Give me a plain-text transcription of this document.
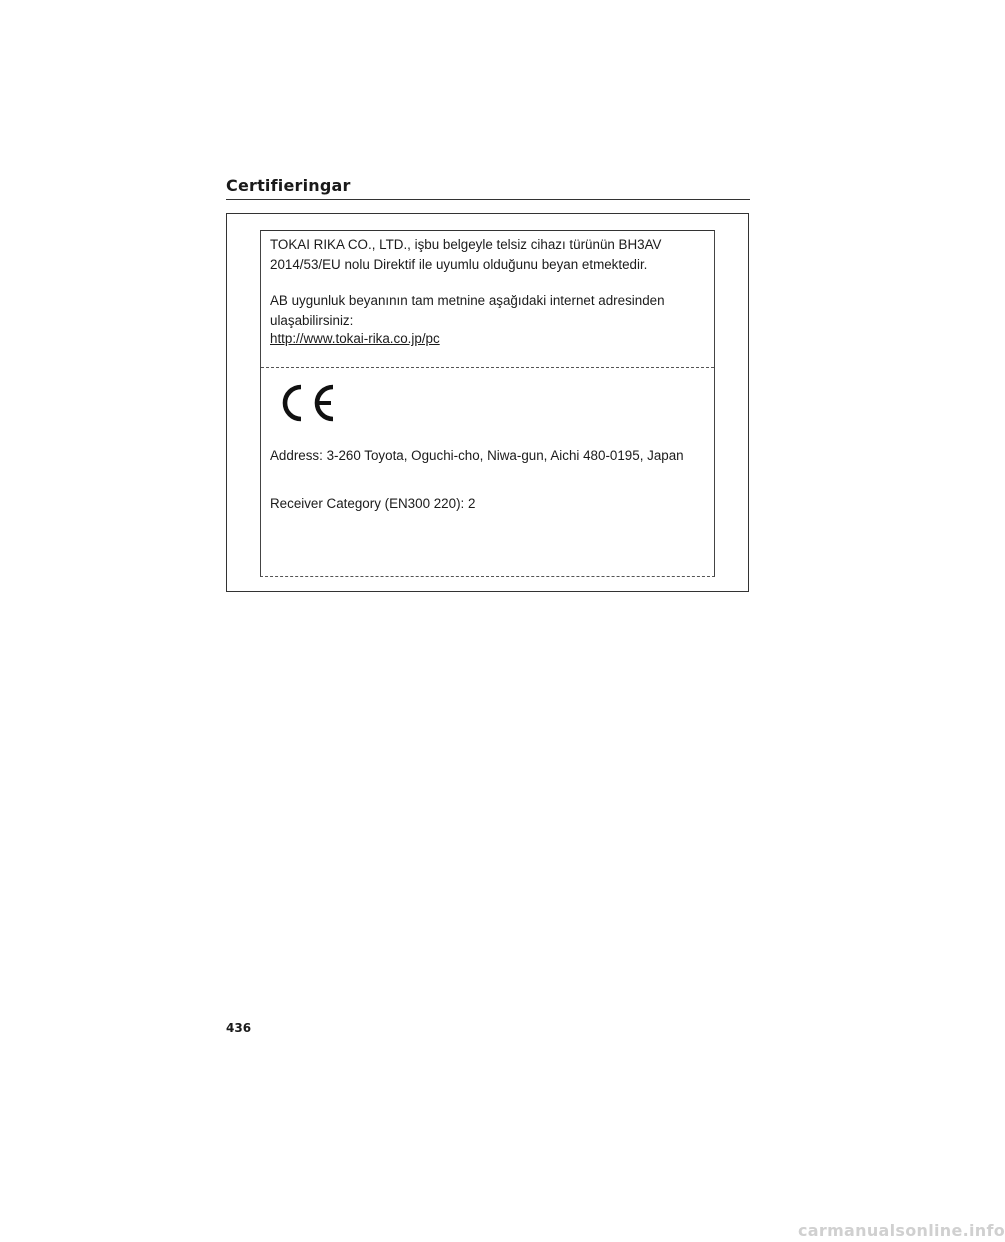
Certifieringar
TOKAI RIKA CO., LTD., işbu belgeyle telsiz cihazı türünün BH3AV
2014/53/EU nolu Direktif ile uyumlu olduğunu beyan etmektedir.
AB uygunluk beyanının tam metnine aşağıdaki internet adresinden
ulaşabilirsiniz:
http://www.tokai-rika.co.jp/pc
Address: 3-260 Toyota, Oguchi-cho, Niwa-gun, Aichi 480-0195, Japan
Receiver Category (EN300 220): 2
436
carmanualsonline.info
